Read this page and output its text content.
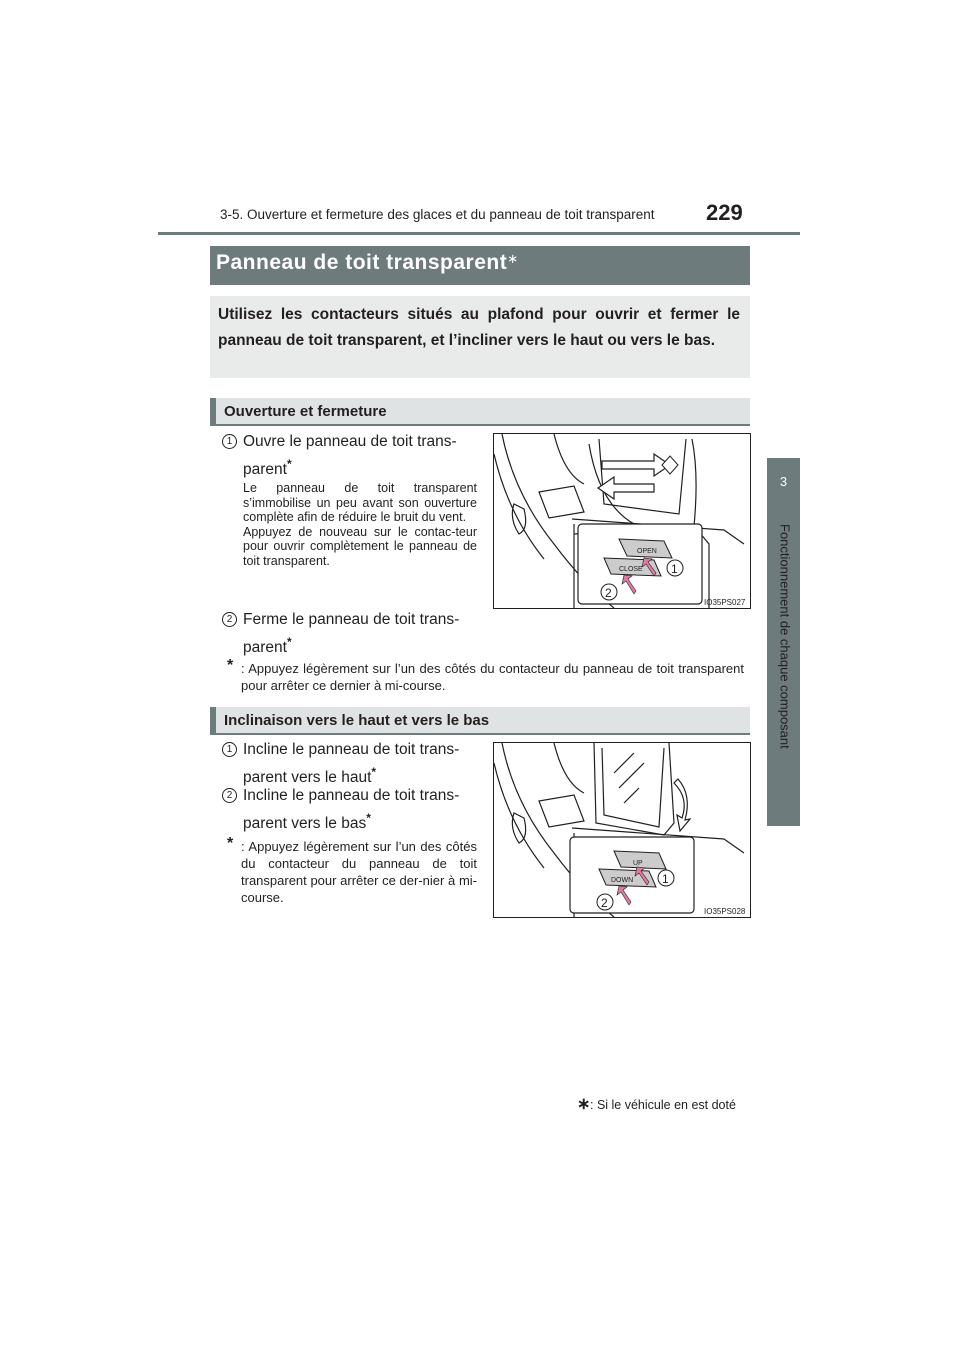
3-5. Ouverture et fermeture des glaces et du panneau de toit transparent 229
3
Fonctionnement de chaque composant
Panneau de toit transparent∗
Utilisez les contacteurs situés au plafond pour ouvrir et fermer le panneau de toit transparent, et l’incliner vers le haut ou vers le bas.
Ouverture et fermeture
1 Ouvre le panneau de toit trans-
parent*
Le panneau de toit transparent s’immobilise un peu avant son ouverture complète afin de réduire le bruit du vent.
Appuyez de nouveau sur le contac-teur pour ouvrir complètement le panneau de toit transparent.
2 Ferme le panneau de toit trans-
parent*
* : Appuyez légèrement sur l’un des côtés du contacteur du panneau de toit transparent pour arrêter ce dernier à mi-course.
OPEN
CLOSE 1
2
IO35PS027
Inclinaison vers le haut et vers le bas
1 Incline le panneau de toit trans-
parent vers le haut*
2 Incline le panneau de toit trans-
parent vers le bas*
* : Appuyez légèrement sur l’un des côtés du contacteur du panneau de toit transparent pour arrêter ce der-nier à mi-course.
UP
DOWN 1
2
IO35PS028
∗ : Si le véhicule en est doté
